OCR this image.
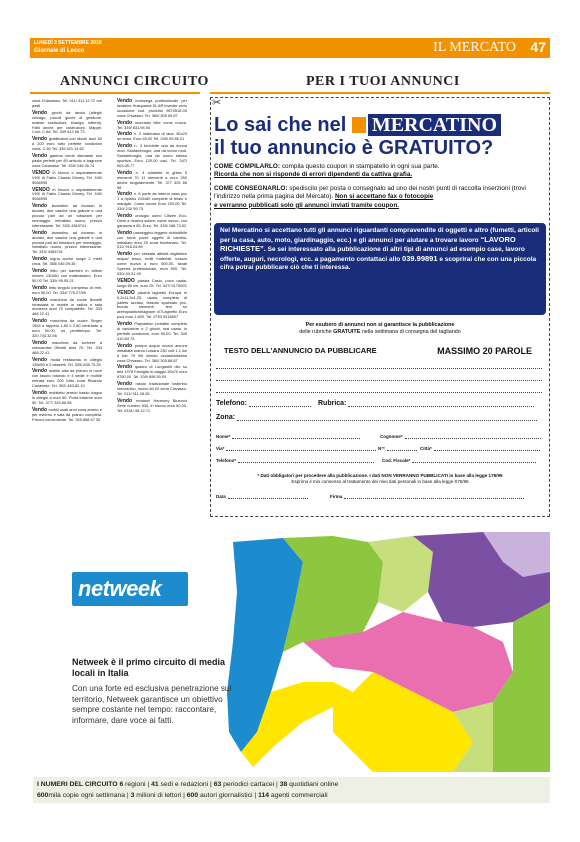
LUNEDÌ 3 SETTEMBRE 2018
Giornale di Lecco	IL MERCATO 47
ANNUNCI CIRCUITO	PER I TUOI ANNUNCI
zona Chiavasso. Tel. 011/ 911.12.72 ore pasti
Vendo giochi da tavolo (alleghi chicago, piccoli giochi di gestione, scatole costruzioni, shanga, lotteria). Fatti anche per costruzioni, Mappe. Coni: C.6d. Tel. 349 413 56 73
Vendo gratificatori con dischi anni 60 a 200 euro tutto perfette condizioni zona: C.60 Tel. 339 521.14.62
Vendo gamma verde diamante con pasta perfetti per 80 articolo a bagnone zona Canavese. Tel. 339/ 246.26.74
VENDO in blocco o separatamente VHS di Fabio Classic Disney. Tel. 340/ 9066995
VENDO in blocco o separatamente VHS di Fabio Classic Disney. Tel. 340/ 9066995
Vendo lavandino ad incasso in acciaio, due vasche una grande e una piccola pari ad un tubazioni per montaggio, imballato nuovo, prezzo interessante. Tel. 333/ 4383741
Vendo lavandino ad incasso in acciaio, due vasche una grande e una piccola pari ad tubazioni per montaggio, imballato nuovo, prezzo interessante. Tel. 333/ 4383741
Vendo legna anche lunga 2 metri circa. Tel. 355/ 045.09.35
Vendo letto per bambini in ottime misure 130x60 con materassino. Euro 50,00 Tel. 339/ 95.95.21
Vendo letto singolo compreso di rete, euro 50,00. Tel. 334/ 779.27/59
Vendo macchina da cucire Bonetti incassata in mobile in radica e sala moderna anni 70 compatibile. Tel. 333 468 22 41
Vendo macchina da cucire Singer 1954 a tappeto 1,80 x 2,80 centrante a euro 50,00, no perditempo. Tel. 320.743.32.56
Vendo macchina da scrivere a cotocamice Olivetti anni 70. Tel. 333 468.22.41
Vendo moda restaurata in ciliegio 138x50 e 2 cassetti. Tel. 339/ 839.73.25
Vendo mobile sala da pranzo in noce con tavolo rotondo e 4 sedie e mobile entrata euro 200 tutto zona Rivarolo Canavese. Tel. 392/ 453.82.10
Vendo mobiletto arredo basso bagno in ciliegio a euro 50. Porta insieme euro 50. Tel. 377/ 325.66.98
Vendo mobili usati anni zona arredo e per esterno e sala da pranzo completa. Prezzo conveniente. Tel. 349 858 67 30
Vendo motosega professionale per lavatrice Husqvarna 51 AR inverter verio occasione cod. prodotto 9670516-00 zona Chivasso. Tel. 380/ 309 69 87
Vendo mountain bike come nuova. Tel. 339/ 831.94.94
Vendo n. 2 materassi di lana, 80x20 un anno. Euro 40,00 Tel. 339/ 95.85.21
Vendo n. 3 biciclette una da donna mod. Santambrogio, una da uomo mod. Santambrogio, una da uomo stesso sportiva. Euro 120,00 cad. Tel. 347/ 503.05.77
Vendo n. 3 sdraiette in ghisa 5 elementi 70 11 elementi a euro 250 anche singolarmente. Tel. 377 325 66 98
Vendo n. 6 porte da interno casa pvc 1 a ripiano 210x60 complete di telaio e maniglie. Come nuove Euro 200,00 Tel. 339/ 215 59 73
Vendo orologio uomo Citizen Eco-Drive a ricarica solare, come nuovo, con garanzia a 65. Euro. Tel. 339/ 168.73.52
Vendo passeggino leggero richiudibile con torna pochi oggetti di cambio, imballato euro 20 zona Montanaro. Tel. 011/ 918.04.89
Vendo per cessata attività tagliatrice acqua/ lesso, molti materiali, torsolo come nuova a euro 500,00, taxati Spectra professionale, euro 500. Tel. 030/ 93.31 49
VENDO piastra Casio, poco usata, lungo 60 cm, euro 25. Tel. 347/ 9170003
VENDO piscina laghetto Europa m 5,2x11,5x1,25, usata, completa di pallets acciaio, tessuto spalmato pvc, tenuta elementi, telo su areeoplastichelagrane 4/7Laghetto Euro pool euro 1.800. Tel. 0753 9316607
Vendo Playstation portatile completo di caricatore e 2 giochi, mai usata, in perfette condizioni, euro 50,00. Tel. 349 419 84 73
Vendo pompa acqua nuova ancora imballata marca Lowara 230 volt 1,1 kw 6 bar 79 litri minuto occasionissima zona Chivasso. Tel. 380/ 305.88.87
Vendo quadro di Longarelli olio su tela 1978 Famiglia in viaggio 50x70 euro 8750,00. Tel. 339/ 696.50.00
Vendo rasoio tradizionale ballerino meccanico, nuovo 60,00 zona Chivasso. Tel. 011/ 911.28.05
Vendo romanzi Harmony Bluevoir Serie numero 534, in blocco euro 50,00. Tel. 0331/ 96.12.71
✂
Lo sai che nel MERCATINO
il tuo annuncio è GRATUITO?
COME COMPILARLO: compila questo coupon in stampatello in ogni sua parte.
Ricorda che non si risponde di errori dipendenti da cattiva grafia.
COME CONSEGNARLO: spediscilo per posta o consegnalo ad uno dei nostri punti di raccolta inserzioni (trovi l'indirizzo nella prima pagina del Mercato). Non si accettano fax o fotocopie
e verranno pubblicati solo gli annunci inviati tramite coupon.
Nel Mercatino si accettano tutti gli annunci riguardanti compravendite di oggetti e altro (fumetti, articoli per la casa, auto, moto, giardinaggio, ecc.) e gli annunci per aiutare a trovare lavoro “LAVORO RICHIESTE”. Se sei interessato alla pubblicazione di altri tipi di annunci ad esempio case, lavoro offerte, auguri, necrologi, ecc. a pagamento contattaci allo 039.99891 e scoprirai che con una piccola cifra potrai pubblicare ciò che ti interessa.
Per esubero di annunci non si garantisce la pubblicazione
delle rubriche GRATUITE nella settimana di consegna del tagliando
TESTO DELL'ANNUNCIO DA PUBBLICARE	MASSIMO 20 PAROLE
Telefono:	Rubrica:
Zona:
Nome*	Cognome*
Via*	N°*	Città*
Telefono*	Cod. Fiscale*
* Dati obbligatori per procedere alla pubblicazione. I dati NON VERRANNO PUBBLICATI in base alla legge 176/95
Esprimo il mio consenso al trattamento dei miei dati personali in base alla legge 675/96
Data	Firma
netweek
Netweek è il primo circuito di media locali in Italia
Con una forte ed esclusiva penetrazione sul territorio, Netweek garantisce un obiettivo sempre costante nel tempo: raccontare, informare, dare voce ai fatti.
I NUMERI DEL CIRCUITO 6 regioni | 41 sedi e redazioni | 63 periodici cartacei | 38 quotidiani online
600mila copie ogni settimana | 3 milioni di lettori | 600 autori giornalistici | 114 agenti commerciali
